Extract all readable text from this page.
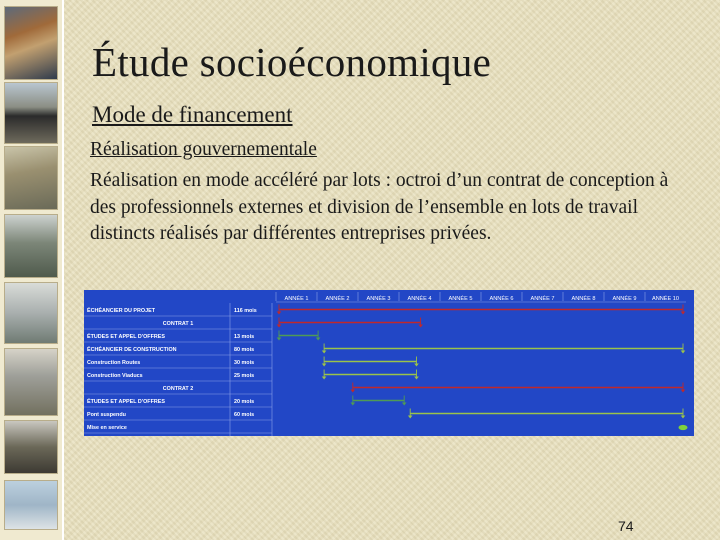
Étude socioéconomique
Mode de financement
Réalisation gouvernementale
Réalisation en mode accéléré par lots : octroi d’un contrat de conception à des professionnels externes et division de l’ensemble en lots de travail distincts réalisés par différentes entreprises privées.
ANNÉE 1	ANNÉE 2	ANNÉE 3	ANNÉE 4	ANNÉE 5	ANNÉE 6	ANNÉE 7	ANNÉE 8	ANNÉE 9	ANNÉE 10
ÉCHÉANCIER DU PROJET	116 mois
CONTRAT 1
ÉTUDES ET APPEL D'OFFRES	13 mois
ÉCHÉANCIER DE CONSTRUCTION	80 mois
Construction Routes	30 mois
Construction Viaducs	25 mois
CONTRAT 2
ÉTUDES ET APPEL D'OFFRES	20 mois
Pont suspendu	60 mois
Mise en service
74
